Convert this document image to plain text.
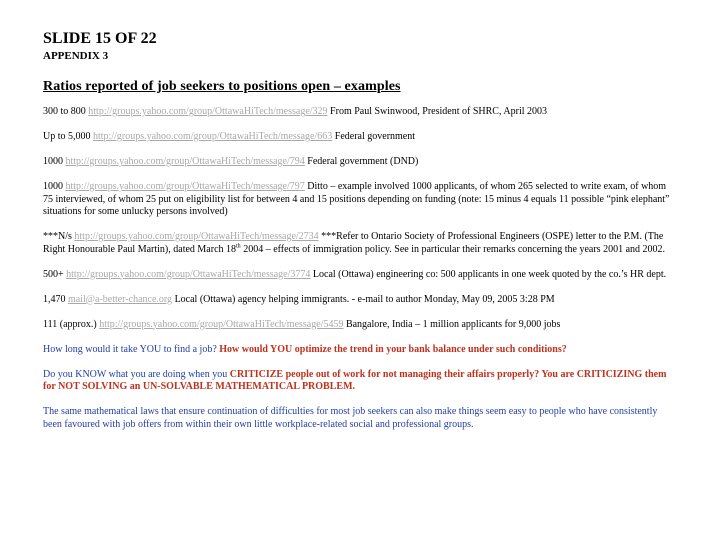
SLIDE 15 OF 22
APPENDIX 3
Ratios reported of job seekers to positions open – examples

300 to 800 http://groups.yahoo.com/group/OttawaHiTech/message/329 From Paul Swinwood, President of SHRC, April 2003

Up to 5,000 http://groups.yahoo.com/group/OttawaHiTech/message/663 Federal government

1000 http://groups.yahoo.com/group/OttawaHiTech/message/794 Federal government (DND)

1000 http://groups.yahoo.com/group/OttawaHiTech/message/797 Ditto – example involved 1000 applicants, of whom 265 selected to write exam, of whom 75 interviewed, of whom 25 put on eligibility list for between 4 and 15 positions depending on funding (note: 15 minus 4 equals 11 possible “pink elephant” situations for some unlucky persons involved)

***N/s http://groups.yahoo.com/group/OttawaHiTech/message/2734 ***Refer to Ontario Society of Professional Engineers (OSPE) letter to the P.M. (The Right Honourable Paul Martin), dated March 18th 2004 – effects of immigration policy. See in particular their remarks concerning the years 2001 and 2002.

500+ http://groups.yahoo.com/group/OttawaHiTech/message/3774 Local (Ottawa) engineering co: 500 applicants in one week quoted by the co.’s HR dept.

1,470 mail@a-better-chance.org Local (Ottawa) agency helping immigrants. - e-mail to author Monday, May 09, 2005 3:28 PM

111 (approx.) http://groups.yahoo.com/group/OttawaHiTech/message/5459 Bangalore, India – 1 million applicants for 9,000 jobs

How long would it take YOU to find a job? How would YOU optimize the trend in your bank balance under such conditions?

Do you KNOW what you are doing when you CRITICIZE people out of work for not managing their affairs properly? You are CRITICIZING them for NOT SOLVING an UN-SOLVABLE MATHEMATICAL PROBLEM.

The same mathematical laws that ensure continuation of difficulties for most job seekers can also make things seem easy to people who have consistently been favoured with job offers from within their own little workplace-related social and professional groups.
